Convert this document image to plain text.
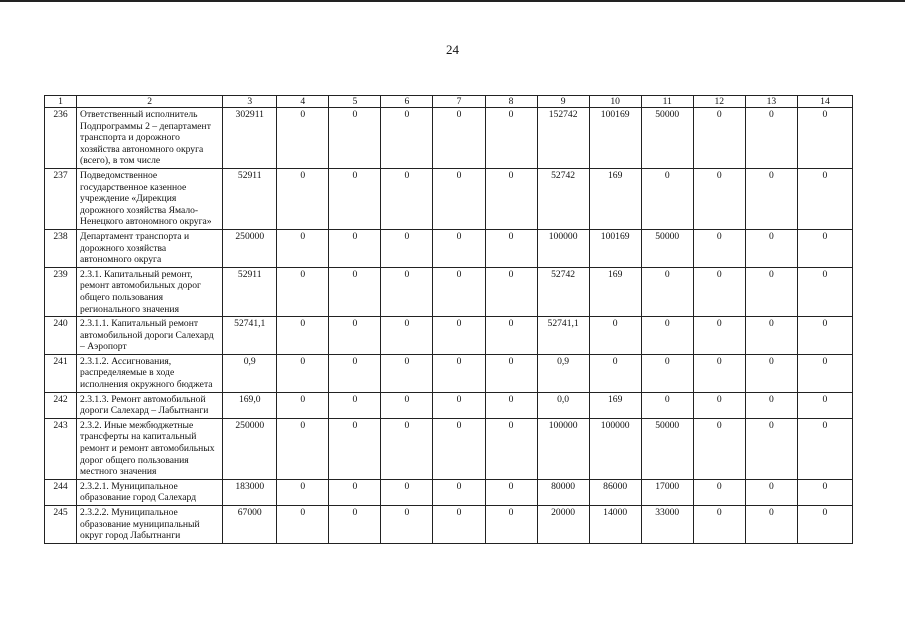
24
1	2	3	4	5	6	7	8	9	10	11	12	13	14
236	Ответственный исполнитель Подпрограммы 2 – департамент транспорта и дорожного хозяйства автономного округа (всего), в том числе	302911	0	0	0	0	0	152742	100169	50000	0	0	0
237	Подведомственное государственное казенное учреждение «Дирекция дорожного хозяйства Ямало-Ненецкого автономного округа»	52911	0	0	0	0	0	52742	169	0	0	0	0
238	Департамент транспорта и дорожного хозяйства автономного округа	250000	0	0	0	0	0	100000	100169	50000	0	0	0
239	2.3.1. Капитальный ремонт, ремонт автомобильных дорог общего пользования регионального значения	52911	0	0	0	0	0	52742	169	0	0	0	0
240	2.3.1.1. Капитальный ремонт автомобильной дороги Салехард – Аэропорт	52741,1	0	0	0	0	0	52741,1	0	0	0	0	0
241	2.3.1.2. Ассигнования, распределяемые в ходе исполнения окружного бюджета	0,9	0	0	0	0	0	0,9	0	0	0	0	0
242	2.3.1.3. Ремонт автомобильной дороги Салехард – Лабытнанги	169,0	0	0	0	0	0	0,0	169	0	0	0	0
243	2.3.2. Иные межбюджетные трансферты на капитальный ремонт и ремонт автомобильных дорог общего пользования местного значения	250000	0	0	0	0	0	100000	100000	50000	0	0	0
244	2.3.2.1. Муниципальное образование город Салехард	183000	0	0	0	0	0	80000	86000	17000	0	0	0
245	2.3.2.2. Муниципальное образование муниципальный округ город Лабытнанги	67000	0	0	0	0	0	20000	14000	33000	0	0	0
